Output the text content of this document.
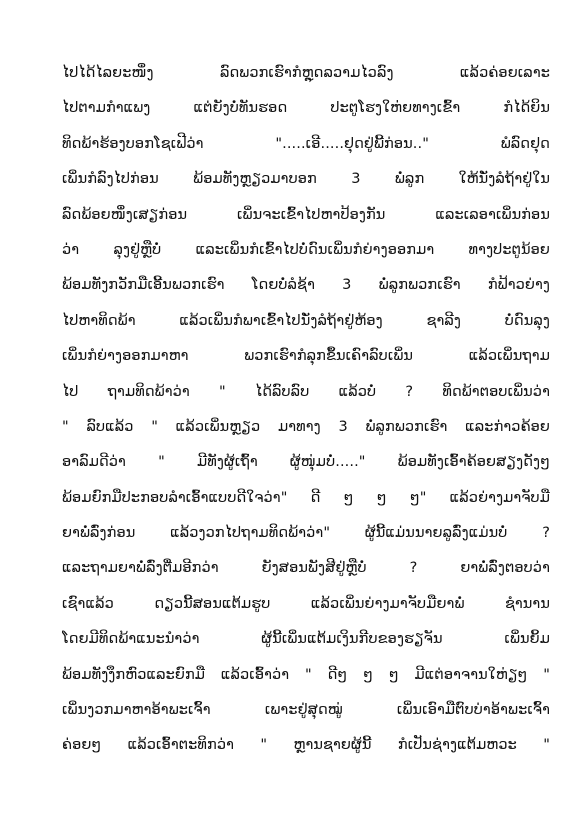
ໄປໄດ້ໄລຍະໜຶ່ງ ລົດພວກເຮົາກໍຫຼຸດລວາມໄວລົງ ແລ້ວຄ່ອຍເລາະ
ໄປຕາມກຳແພງ ແຕ່ຍັງບໍ່ທັນຮອດ ປະຕູໂຮງໃຫ່ຍທາງເຂົ້າ ກໍໄດ້ຍິນ
ທິດພ້າຮ້ອງບອກໂຊເຟີວ່າ ".....ເອີ.....ຢຸດຢູ່ພີ້ກ່ອນ.." ພໍລົດຢຸດ
ເພິ່ນກໍລົງໄປກ່ອນ ພ້ອມທັງຫຼຽວມາບອກ 3 ພໍ່ລູກ ໃຫ້ນັ່ງລໍຖ້າຢູ່ໃນ
ລົດພ້ອຍໜຶ່ງເສຽກ່ອນ ເພິ່ນຈະເຂົ້າໄປຫາປ້ອງກັນ ແລະເລອາເພິ່ນກ່ອນ
ວ່າ ລຸງຢູ່ຫຼືບໍ່ ແລະເພິ່ນກໍເຂົ້າໄປບໍ່ດົນເພິ່ນກໍຍ່າງອອກມາ ທາງປະຕູນ້ອຍ
ພ້ອມທັງກວັກມືເອີ້ນພວກເຮົາ ໂດຍບໍ່ລໍຊ້າ 3 ພໍ່ລູກພວກເຮົາ ກໍຟ້າວຍ່າງ
ໄປຫາທິດພ້າ ແລ້ວເພິ່ນກໍພາເຂົ້າໄປນັ່ງລໍຖ້າຢູ່ຫ້ອງ ຊາລີງ ບໍ່ດົນລຸງ
ເພິ່ນກໍຍ່າງອອກມາຫາ ພວກເຮົາກໍລຸກຂຶ້ນເຄົາລົບເພິ່ນ ແລ້ວເພິ່ນຖາມ
ໄປ ຖາມທິດພ້າວ່າ " ໄດ້ລົບລົບ ແລ້ວບໍ່ ? ທິດພ້າຕອບເພິ່ນວ່າ
" ລົບແລ້ວ " ແລ້ວເພິ່ນຫຼຽວ ມາທາງ 3 ພໍ່ລູກພວກເຮົາ ແລະກ່າວຄ້ອຍ
ອາລົມດີວ່າ " ມີທັງຜູ້ເຖົ້າ ຜູ້ໜຸ່ມບໍ່....." ພ້ອມທັງເອົ້າຄ້ອຍສຽງດັງໆ
ພ້ອມຍົກມືປະກອບລຳເອົ້າແບບດີໃຈວ່າ" ດີ ໆ ໆ ໆ" ແລ້ວຍ່າງມາຈັບມື
ຍາພໍ່ລົ່ງກ່ອນ ແລ້ວງວກໄປຖາມທິດພ້າວ່າ" ຜູ້ນີ້ແມ່ນນາຍລູລົ່ງແມ່ນບໍ່ ?
ແລະຖາມຍາພໍ່ລົ່ງຕື່ມອີກວ່າ ຍັງສອນພັງສີຢູ່ຫຼືບໍ່ ? ຍາພໍ່ລົ່ງຕອບວ່າ
ເຊົາແລ້ວ ດຽວນີ້ສອນແຕ້ມຮູບ ແລ້ວເພິ່ນຍ່າງມາຈັບມືຍາພໍ່ ຊຳນານ
ໂດຍມີທິດພ້າແນະນຳວ່າ ຜູ້ນີ້ເພິ່ນແຕ້ມເງິນກີບຂອງຮຽຈັນ ເພິ່ນຍິ້ມ
ພ້ອມທັງງຶກຫົວແລະຍົກມື ແລ້ວເອົ້າວ່າ " ດີໆ ໆ ໆ ມີແຕ່ອາຈານໃຫ່ຽໆ "
ເພິ່ນງວກມາຫາອ້າພະເຈົ້າ ເພາະຢູ່ສຸດໝູ່ ເພິ່ນເອົາມືຕົບບ່າອ້າພະເຈົ້າ
ຄ່ອຍໆ ແລ້ວເອົ້າຕະທິກວ່າ " ຫຼານຊາຍຜູ້ນີ້ ກໍເປັນຊ່າງແຕ້ມຫວະ "
